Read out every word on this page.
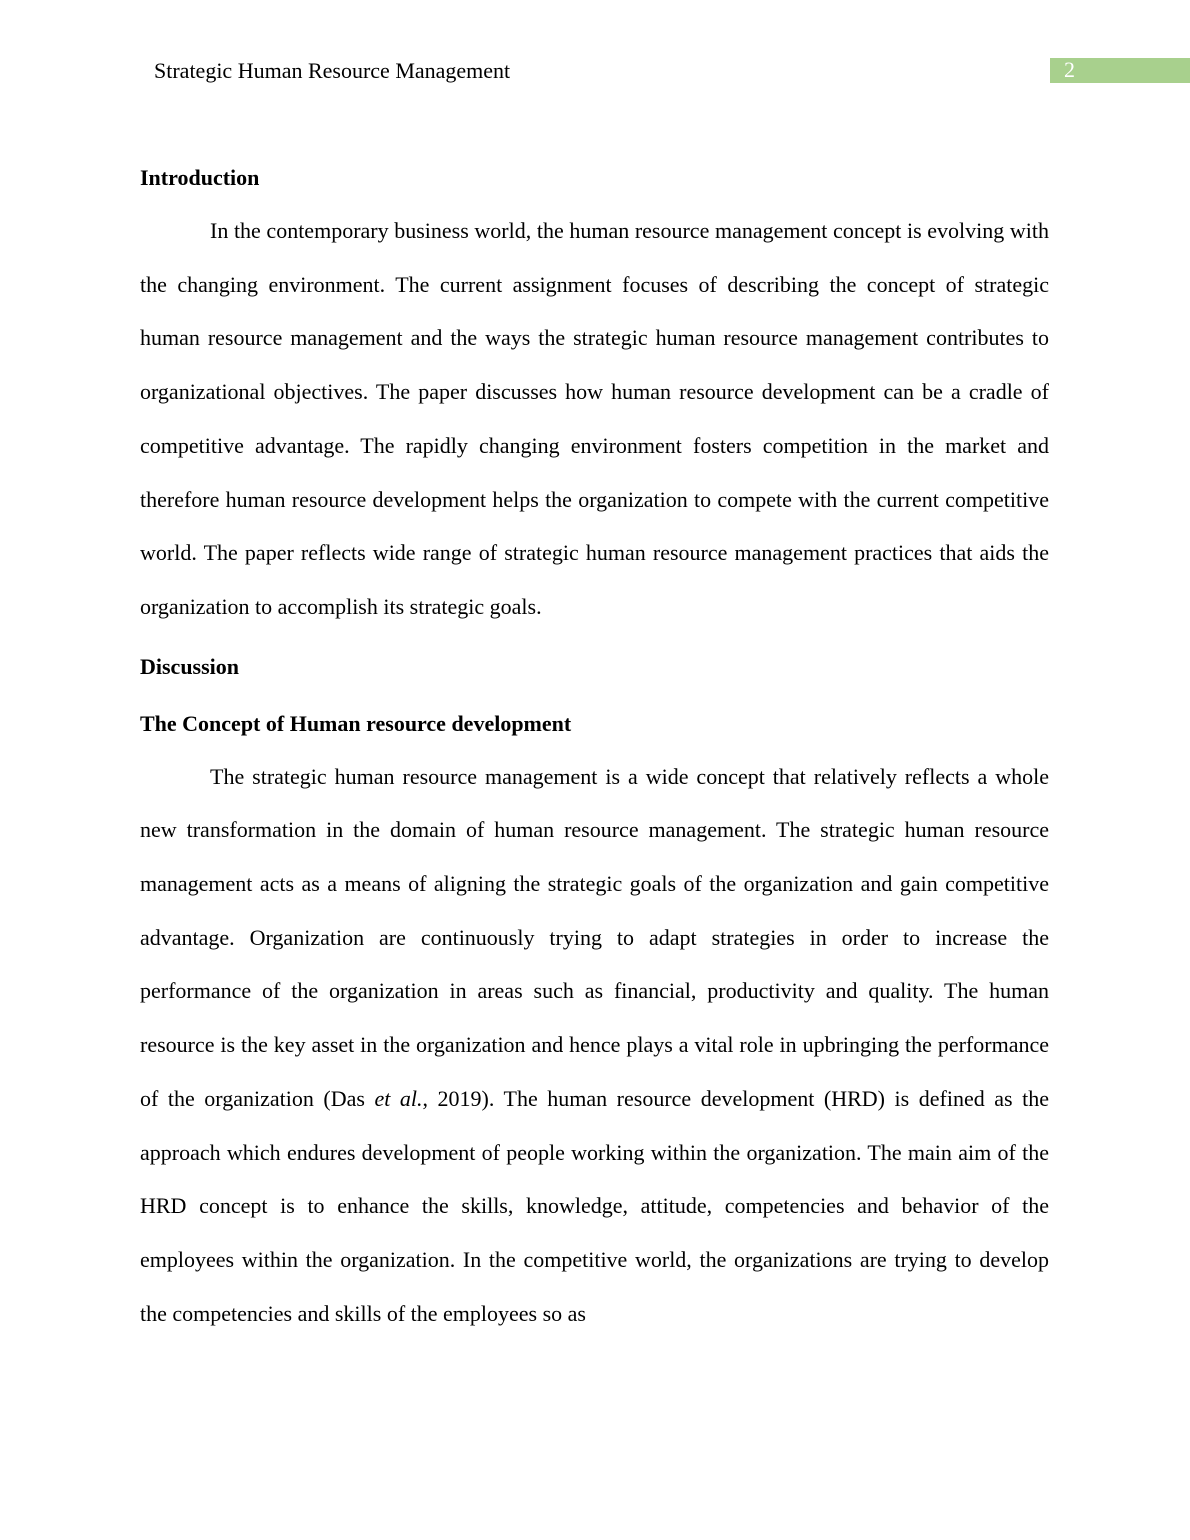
Strategic Human Resource Management	2
Introduction

In the contemporary business world, the human resource management concept is evolving with the changing environment. The current assignment focuses of describing the concept of strategic human resource management and the ways the strategic human resource management contributes to organizational objectives. The paper discusses how human resource development can be a cradle of competitive advantage. The rapidly changing environment fosters competition in the market and therefore human resource development helps the organization to compete with the current competitive world. The paper reflects wide range of strategic human resource management practices that aids the organization to accomplish its strategic goals.

Discussion
The Concept of Human resource development

The strategic human resource management is a wide concept that relatively reflects a whole new transformation in the domain of human resource management. The strategic human resource management acts as a means of aligning the strategic goals of the organization and gain competitive advantage. Organization are continuously trying to adapt strategies in order to increase the performance of the organization in areas such as financial, productivity and quality. The human resource is the key asset in the organization and hence plays a vital role in upbringing the performance of the organization (Das et al., 2019). The human resource development (HRD) is defined as the approach which endures development of people working within the organization. The main aim of the HRD concept is to enhance the skills, knowledge, attitude, competencies and behavior of the employees within the organization. In the competitive world, the organizations are trying to develop the competencies and skills of the employees so as
